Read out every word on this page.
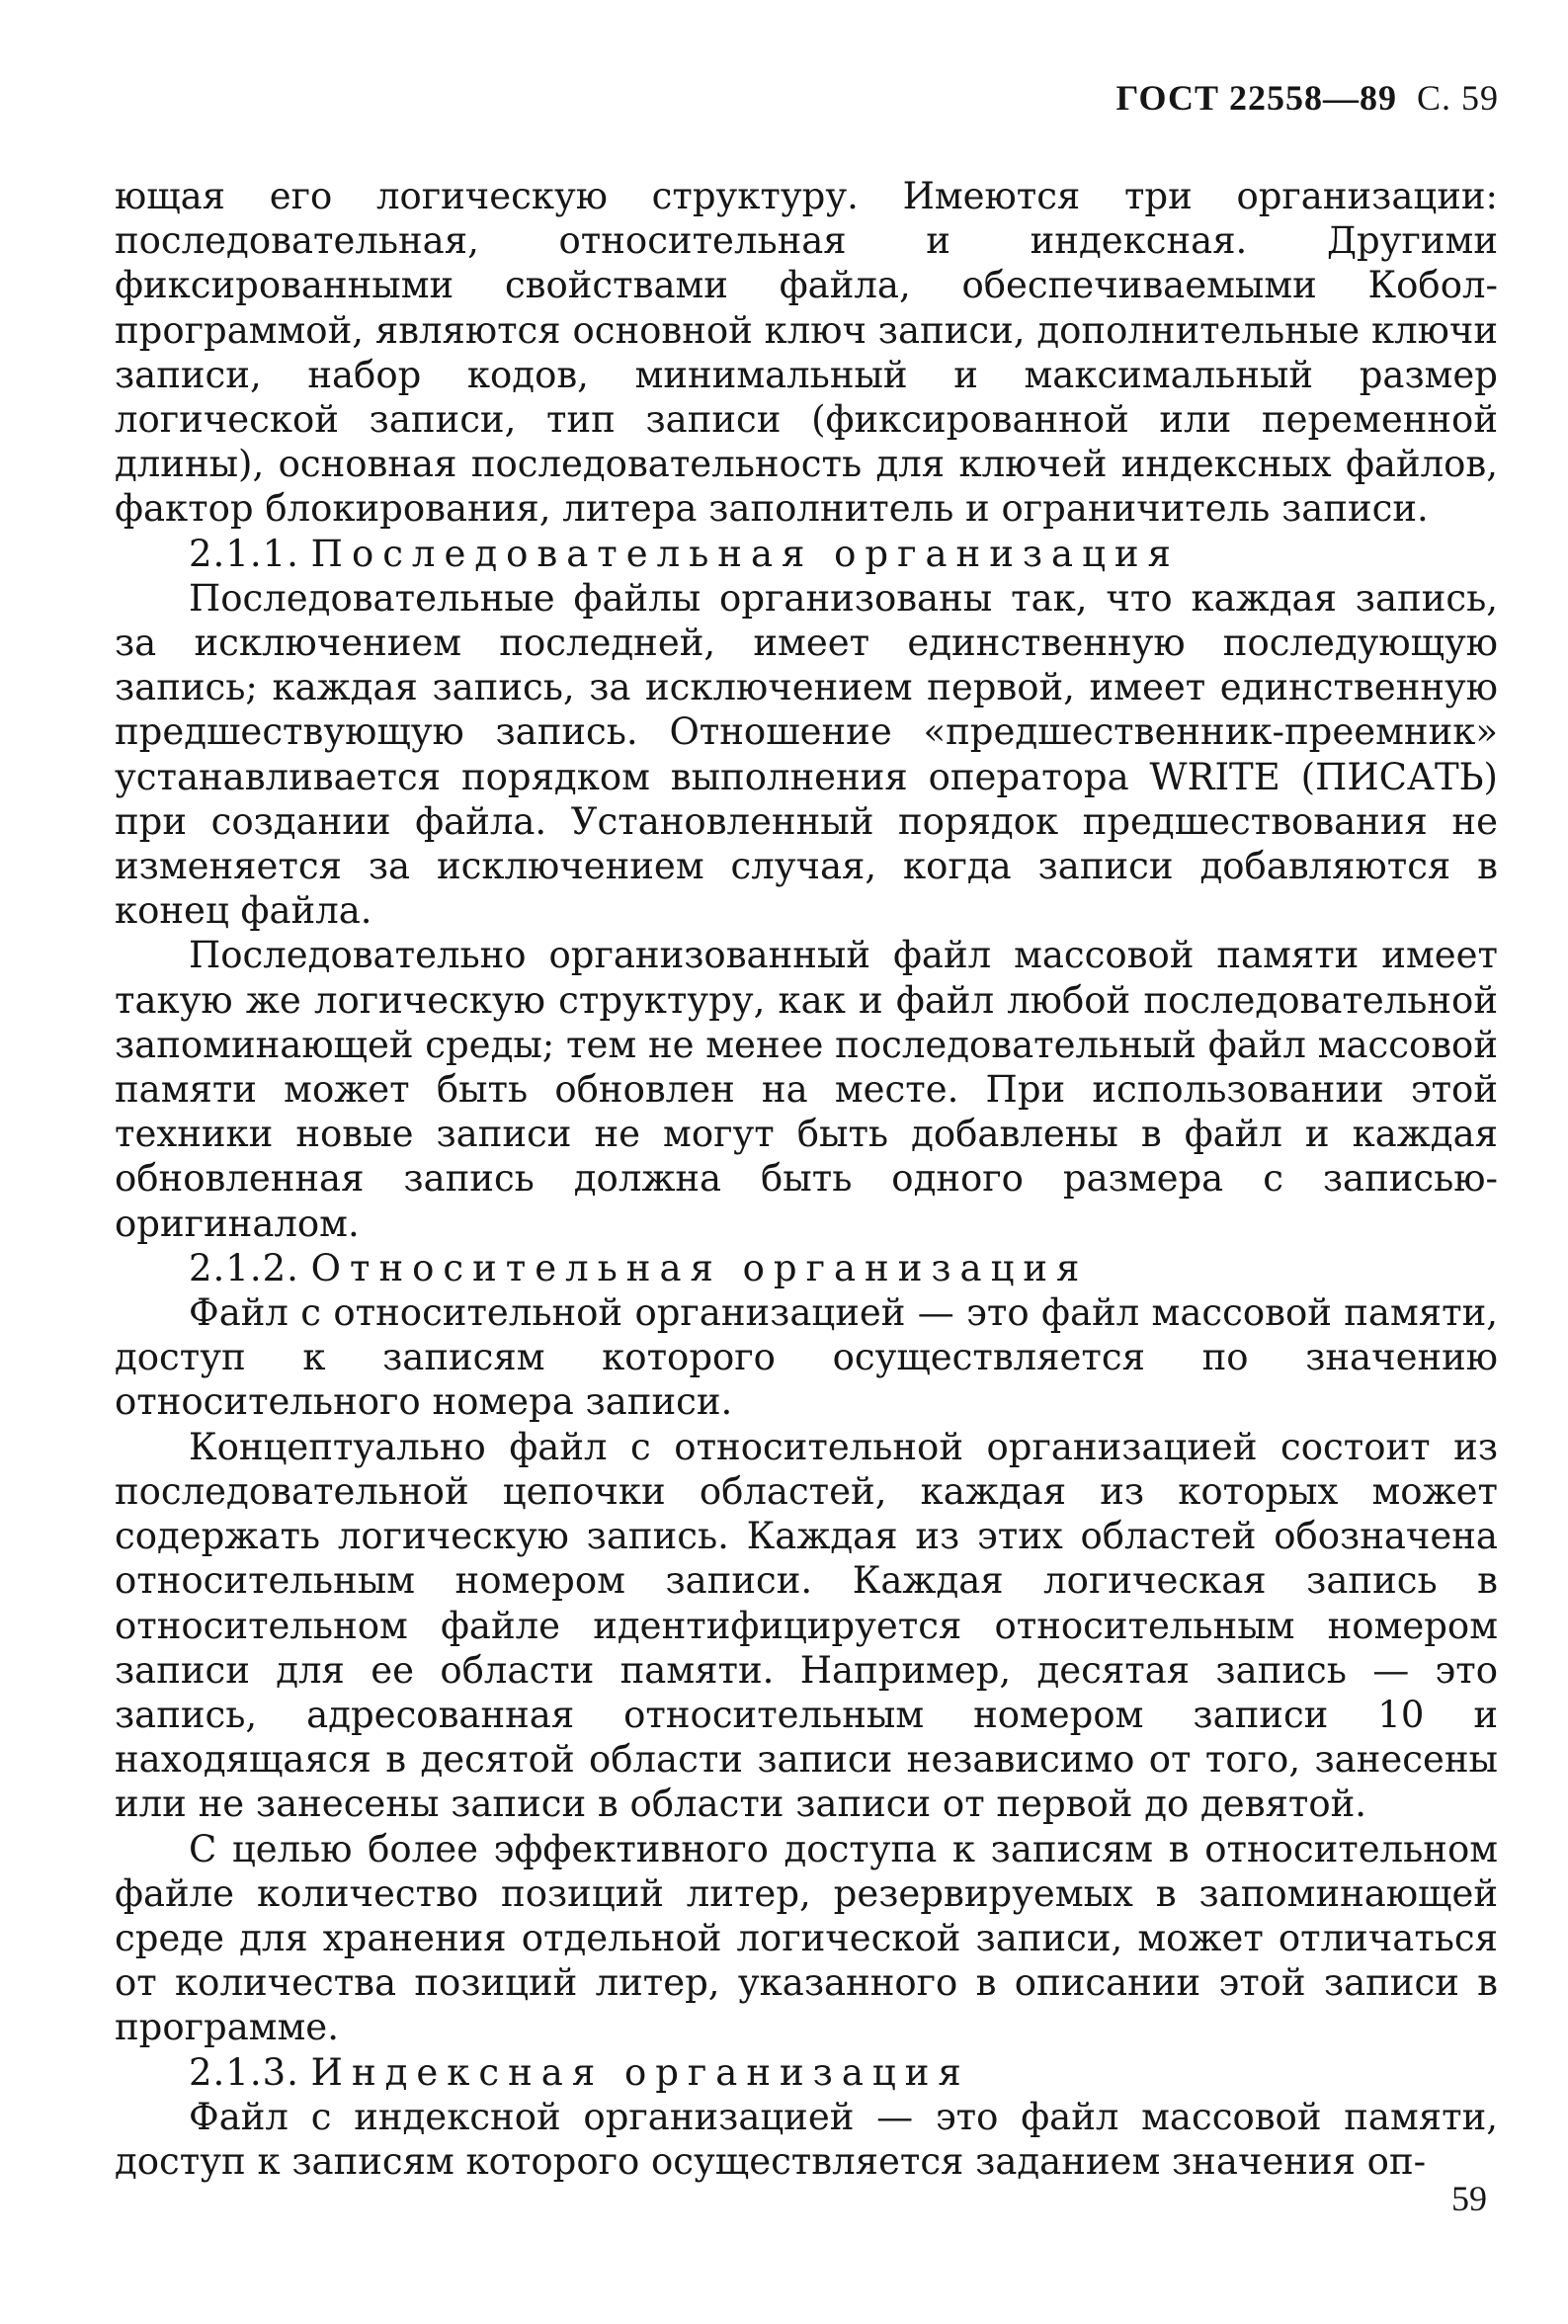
ГОСТ 22558—89 С. 59

ющая его логическую структуру. Имеются три организации: последовательная, относительная и индексная. Другими фиксированными свойствами файла, обеспечиваемыми Кобол-программой, являются основной ключ записи, дополнительные ключи записи, набор кодов, минимальный и максимальный размер логической записи, тип записи (фиксированной или переменной длины), основная последовательность для ключей индексных файлов, фактор блокирования, литера заполнитель и ограничитель записи.

2.1.1. Последовательная организация

Последовательные файлы организованы так, что каждая запись, за исключением последней, имеет единственную последующую запись; каждая запись, за исключением первой, имеет единственную предшествующую запись. Отношение «предшественник-преемник» устанавливается порядком выполнения оператора WRITE (ПИСАТЬ) при создании файла. Установленный порядок предшествования не изменяется за исключением случая, когда записи добавляются в конец файла.

Последовательно организованный файл массовой памяти имеет такую же логическую структуру, как и файл любой последовательной запоминающей среды; тем не менее последовательный файл массовой памяти может быть обновлен на месте. При использовании этой техники новые записи не могут быть добавлены в файл и каждая обновленная запись должна быть одного размера с записью-оригиналом.

2.1.2. Относительная организация

Файл с относительной организацией — это файл массовой памяти, доступ к записям которого осуществляется по значению относительного номера записи.

Концептуально файл с относительной организацией состоит из последовательной цепочки областей, каждая из которых может содержать логическую запись. Каждая из этих областей обозначена относительным номером записи. Каждая логическая запись в относительном файле идентифицируется относительным номером записи для ее области памяти. Например, десятая запись — это запись, адресованная относительным номером записи 10 и находящаяся в десятой области записи независимо от того, занесены или не занесены записи в области записи от первой до девятой.

С целью более эффективного доступа к записям в относительном файле количество позиций литер, резервируемых в запоминающей среде для хранения отдельной логической записи, может отличаться от количества позиций литер, указанного в описании этой записи в программе.

2.1.3. Индексная организация

Файл с индексной организацией — это файл массовой памяти, доступ к записям которого осуществляется заданием значения оп-

59
